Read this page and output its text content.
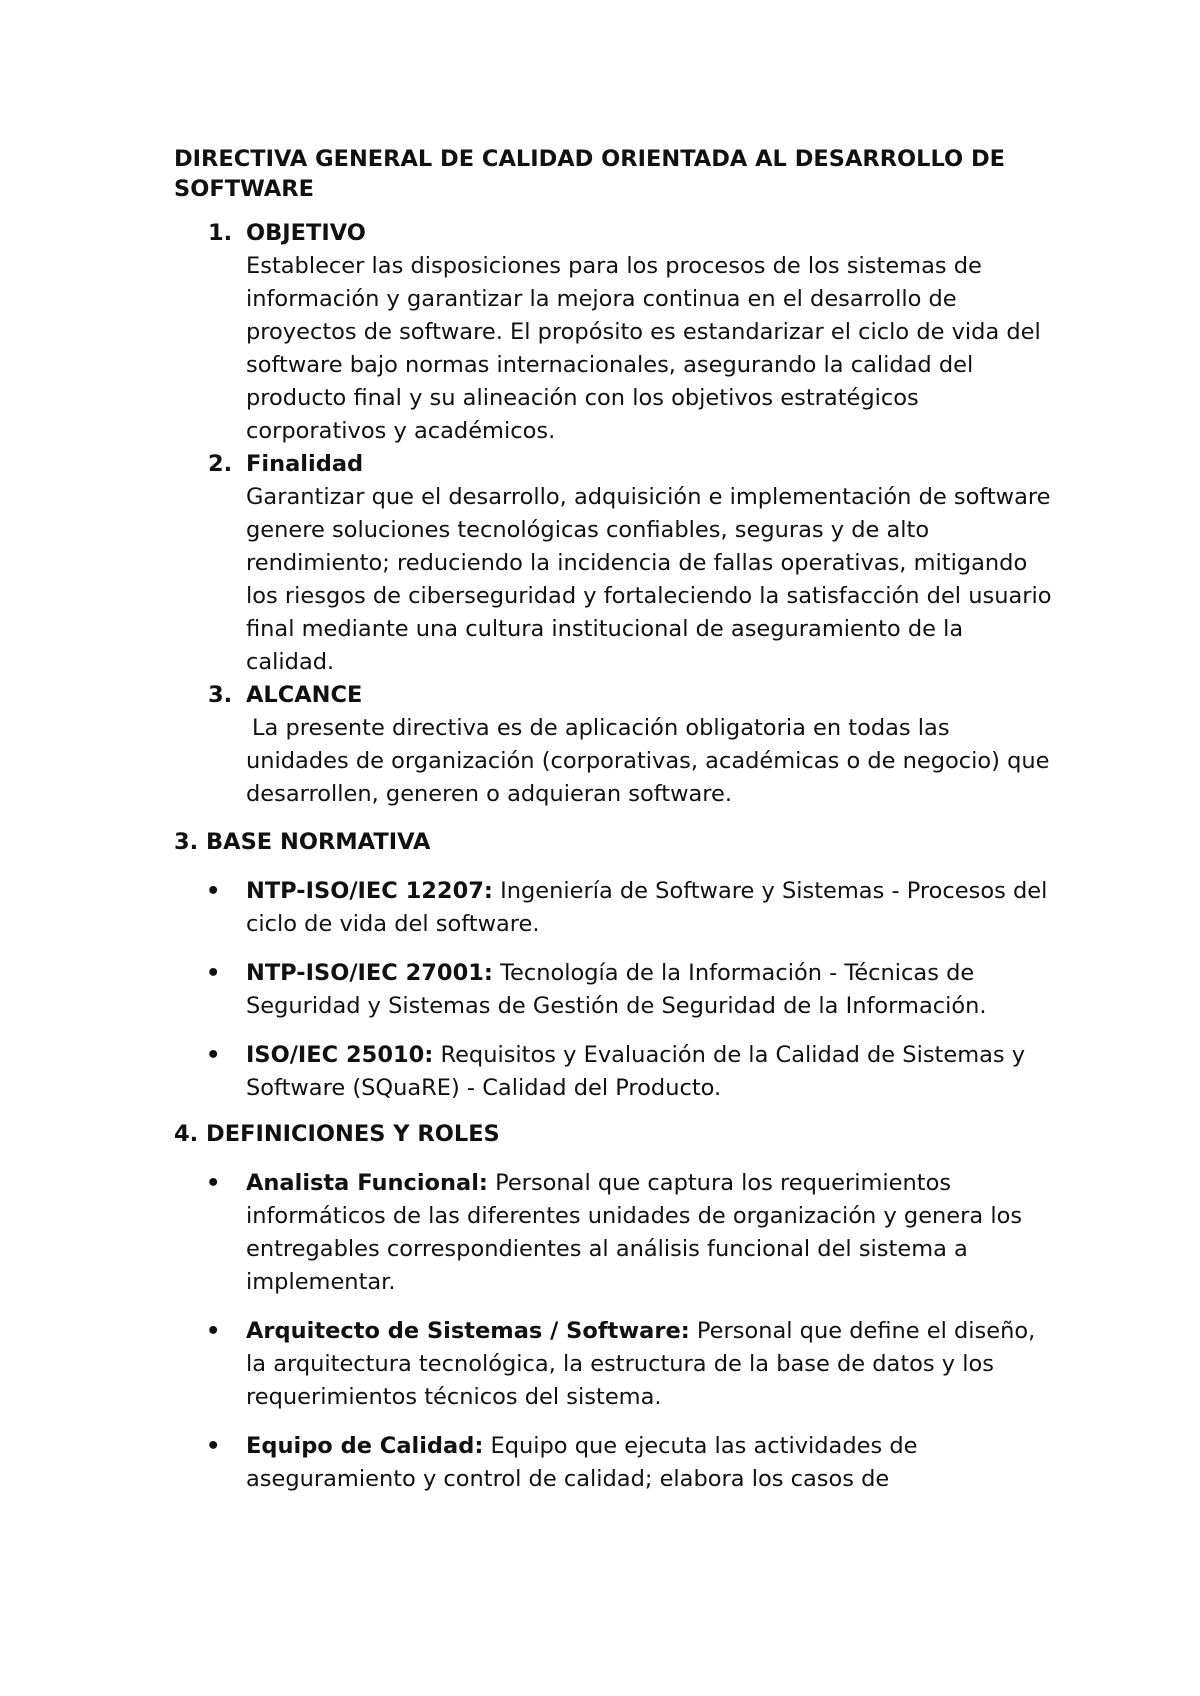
DIRECTIVA GENERAL DE CALIDAD ORIENTADA AL DESARROLLO DE SOFTWARE
1. OBJETIVO
Establecer las disposiciones para los procesos de los sistemas de información y garantizar la mejora continua en el desarrollo de proyectos de software. El propósito es estandarizar el ciclo de vida del software bajo normas internacionales, asegurando la calidad del producto final y su alineación con los objetivos estratégicos corporativos y académicos.
2. Finalidad
Garantizar que el desarrollo, adquisición e implementación de software genere soluciones tecnológicas confiables, seguras y de alto rendimiento; reduciendo la incidencia de fallas operativas, mitigando los riesgos de ciberseguridad y fortaleciendo la satisfacción del usuario final mediante una cultura institucional de aseguramiento de la calidad.
3. ALCANCE
La presente directiva es de aplicación obligatoria en todas las unidades de organización (corporativas, académicas o de negocio) que desarrollen, generen o adquieran software.
3. BASE NORMATIVA
• NTP-ISO/IEC 12207: Ingeniería de Software y Sistemas - Procesos del ciclo de vida del software.
• NTP-ISO/IEC 27001: Tecnología de la Información - Técnicas de Seguridad y Sistemas de Gestión de Seguridad de la Información.
• ISO/IEC 25010: Requisitos y Evaluación de la Calidad de Sistemas y Software (SQuaRE) - Calidad del Producto.
4. DEFINICIONES Y ROLES
• Analista Funcional: Personal que captura los requerimientos informáticos de las diferentes unidades de organización y genera los entregables correspondientes al análisis funcional del sistema a implementar.
• Arquitecto de Sistemas / Software: Personal que define el diseño, la arquitectura tecnológica, la estructura de la base de datos y los requerimientos técnicos del sistema.
• Equipo de Calidad: Equipo que ejecuta las actividades de aseguramiento y control de calidad; elabora los casos de
